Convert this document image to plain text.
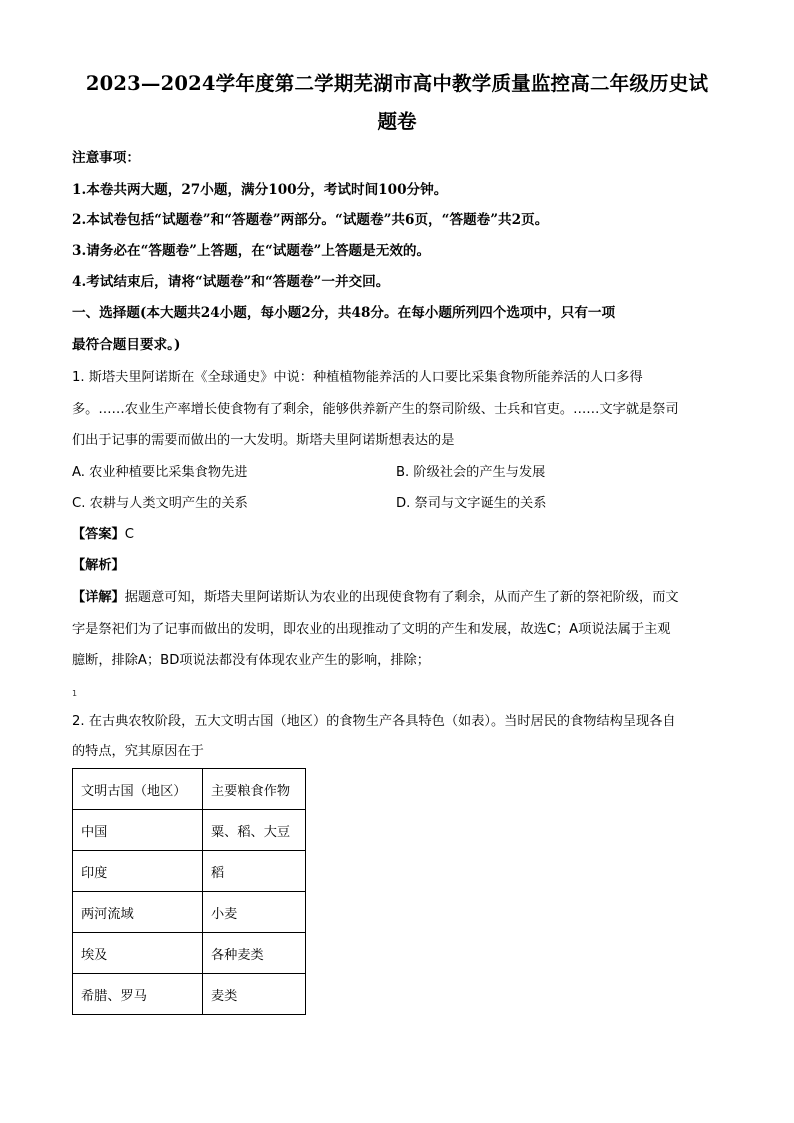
2023—2024学年度第二学期芜湖市高中教学质量监控高二年级历史试
题卷
注意事项：
1.本卷共两大题，27小题，满分100分，考试时间100分钟。
2.本试卷包括“试题卷”和“答题卷”两部分。“试题卷”共6页，“答题卷”共2页。
3.请务必在“答题卷”上答题，在“试题卷”上答题是无效的。
4.考试结束后，请将“试题卷”和“答题卷”一并交回。
一、选择题(本大题共24小题，每小题2分，共48分。在每小题所列四个选项中，只有一项
最符合题目要求。)
1. 斯塔夫里阿诺斯在《全球通史》中说：种植植物能养活的人口要比采集食物所能养活的人口多得
多。……农业生产率增长使食物有了剩余，能够供养新产生的祭司阶级、士兵和官吏。……文字就是祭司
们出于记事的需要而做出的一大发明。斯塔夫里阿诺斯想表达的是
A. 农业种植要比采集食物先进	B. 阶级社会的产生与发展
C. 农耕与人类文明产生的关系	D. 祭司与文字诞生的关系
【答案】C
【解析】
【详解】据题意可知，斯塔夫里阿诺斯认为农业的出现使食物有了剩余，从而产生了新的祭祀阶级，而文
字是祭祀们为了记事而做出的发明，即农业的出现推动了文明的产生和发展，故选C；A项说法属于主观
臆断，排除A；BD项说法都没有体现农业产生的影响，排除；
1
2. 在古典农牧阶段，五大文明古国（地区）的食物生产各具特色（如表）。当时居民的食物结构呈现各自
的特点，究其原因在于
文明古国（地区）	主要粮食作物
中国	粟、稻、大豆
印度	稻
两河流域	小麦
埃及	各种麦类
希腊、罗马	麦类
